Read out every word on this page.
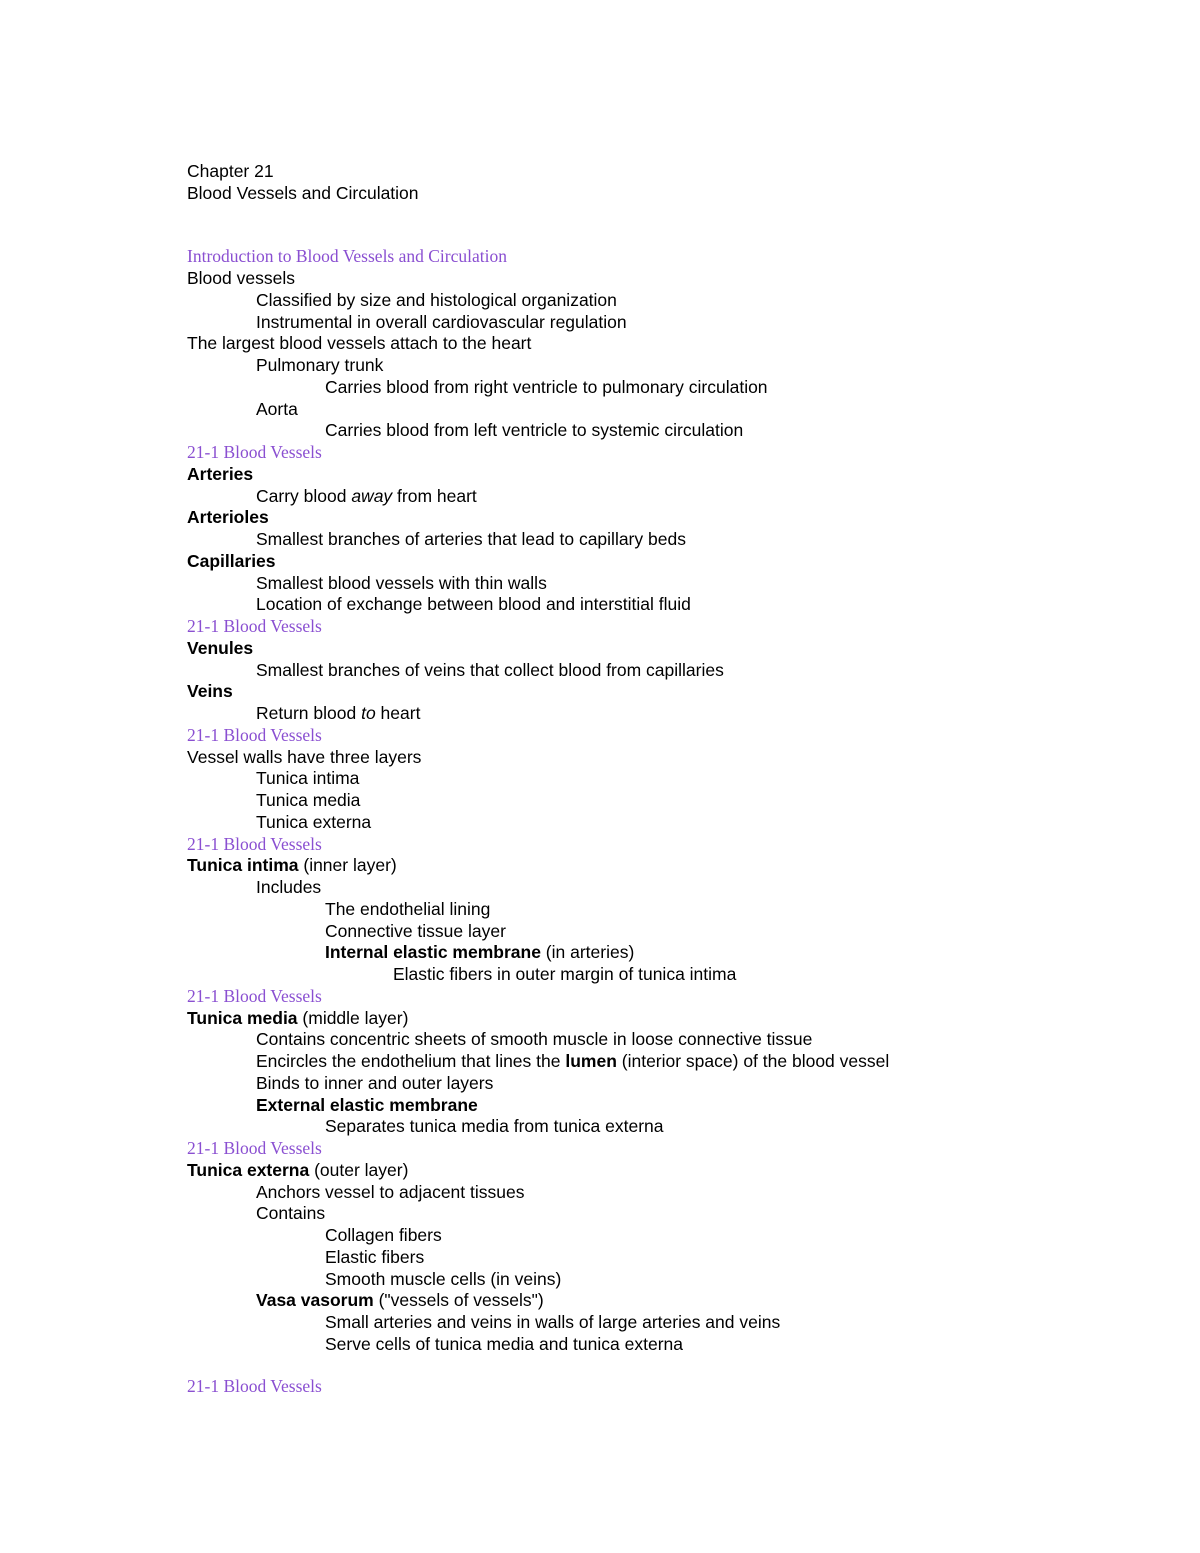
Chapter 21
Blood Vessels and Circulation
Introduction to Blood Vessels and Circulation
Blood vessels
Classified by size and histological organization
Instrumental in overall cardiovascular regulation
The largest blood vessels attach to the heart
Pulmonary trunk
Carries blood from right ventricle to pulmonary circulation
Aorta
Carries blood from left ventricle to systemic circulation
21-1 Blood Vessels
Arteries
Carry blood away from heart
Arterioles
Smallest branches of arteries that lead to capillary beds
Capillaries
Smallest blood vessels with thin walls
Location of exchange between blood and interstitial fluid
21-1 Blood Vessels
Venules
Smallest branches of veins that collect blood from capillaries
Veins
Return blood to heart
21-1 Blood Vessels
Vessel walls have three layers
Tunica intima
Tunica media
Tunica externa
21-1 Blood Vessels
Tunica intima (inner layer)
Includes
The endothelial lining
Connective tissue layer
Internal elastic membrane (in arteries)
Elastic fibers in outer margin of tunica intima
21-1 Blood Vessels
Tunica media (middle layer)
Contains concentric sheets of smooth muscle in loose connective tissue
Encircles the endothelium that lines the lumen (interior space) of the blood vessel
Binds to inner and outer layers
External elastic membrane
Separates tunica media from tunica externa
21-1 Blood Vessels
Tunica externa (outer layer)
Anchors vessel to adjacent tissues
Contains
Collagen fibers
Elastic fibers
Smooth muscle cells (in veins)
Vasa vasorum ("vessels of vessels")
Small arteries and veins in walls of large arteries and veins
Serve cells of tunica media and tunica externa
21-1 Blood Vessels
